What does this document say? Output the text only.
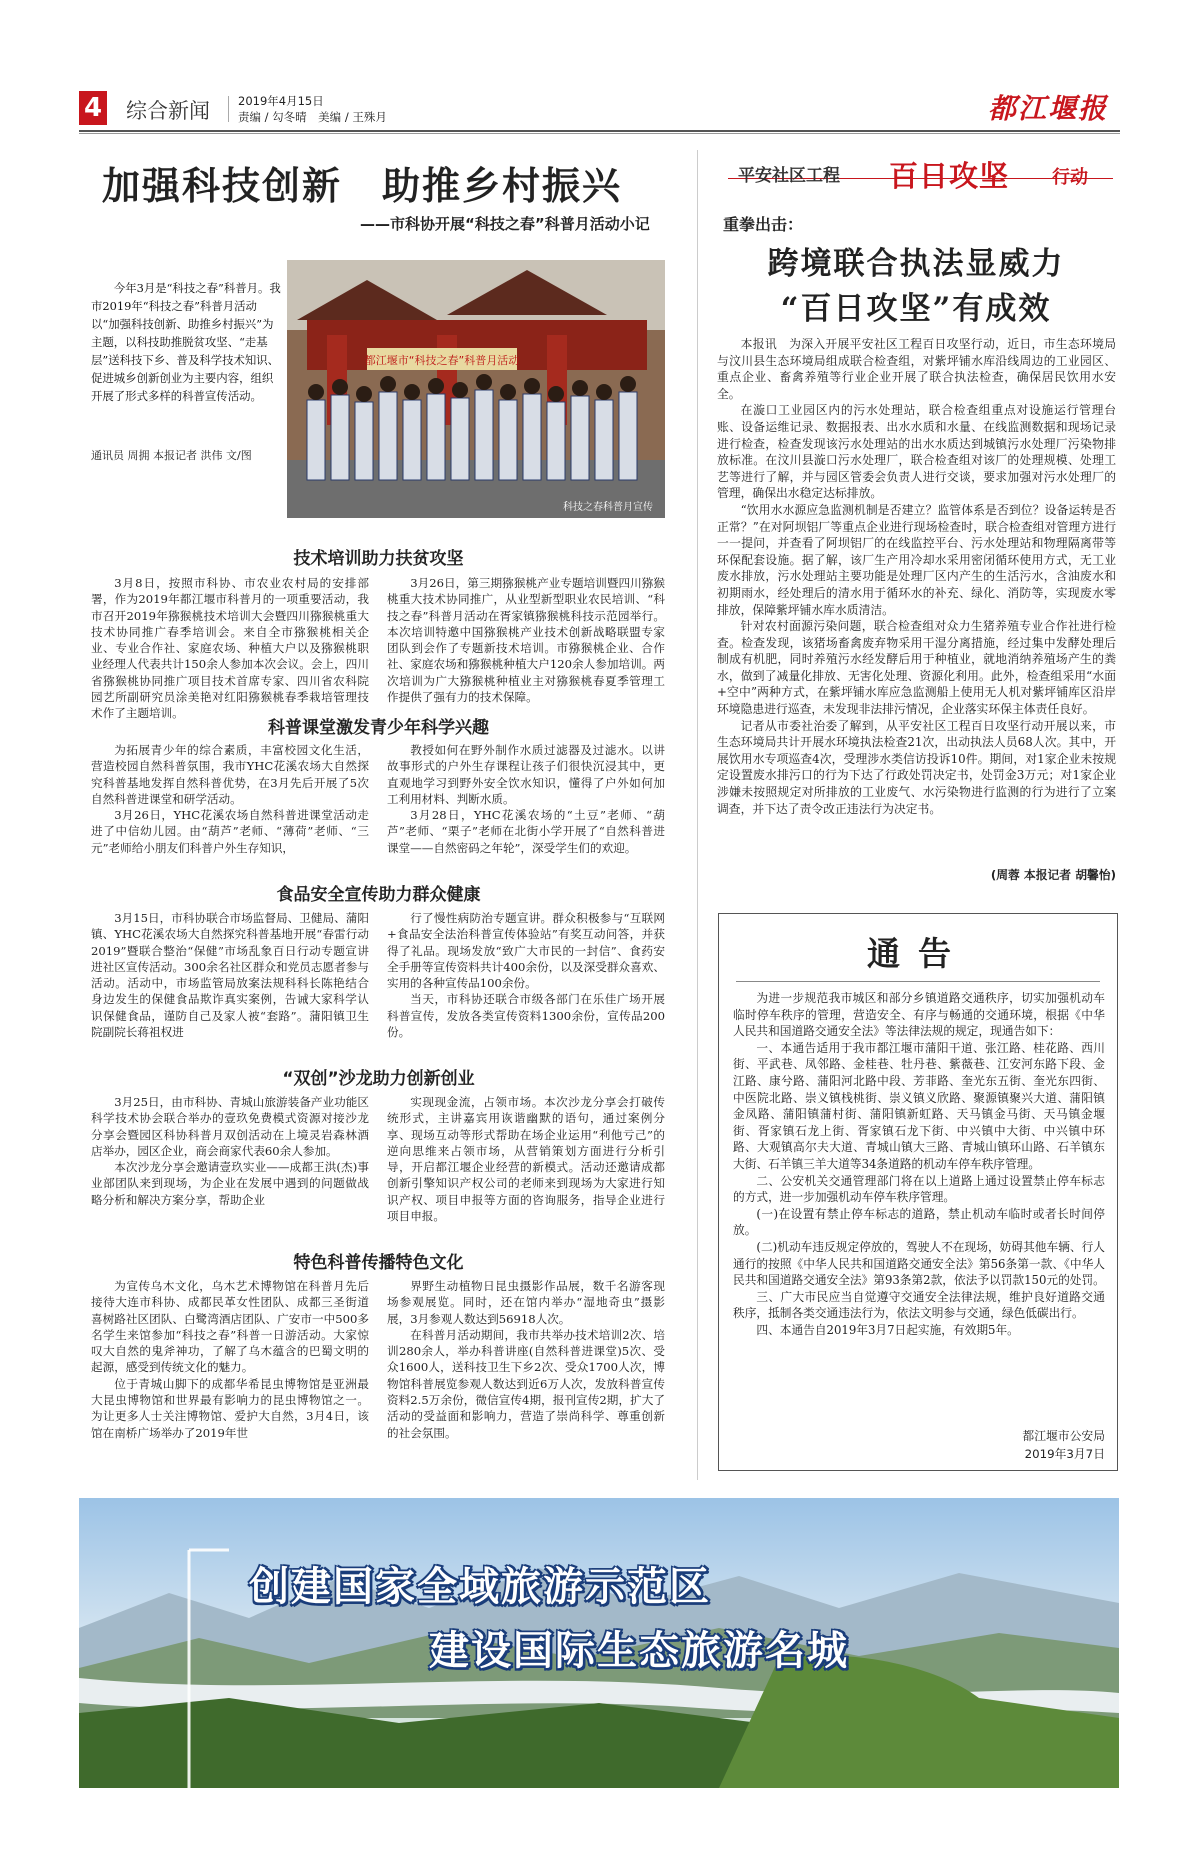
4 综合新闻 2019年4月15日
责编 / 勾冬晴　美编 / 王殊月	都江堰报
加强科技创新　助推乡村振兴
——市科协开展“科技之春”科普月活动小记
今年3月是“科技之春”科普月。我市2019年“科技之春”科普月活动以“加强科技创新、助推乡村振兴”为主题，以科技助推脱贫攻坚、“走基层”送科技下乡、普及科学技术知识、促进城乡创新创业为主要内容，组织开展了形式多样的科普宣传活动。
通讯员 周拥 本报记者 洪伟 文/图
都江堰市“科技之春”科普月活动
科技之春科普月宣传
技术培训助力扶贫攻坚

3月8日，按照市科协、市农业农村局的安排部署，作为2019年都江堰市科普月的一项重要活动，我市召开2019年猕猴桃技术培训大会暨四川猕猴桃重大技术协同推广春季培训会。来自全市猕猴桃相关企业、专业合作社、家庭农场、种植大户以及猕猴桃职业经理人代表共计150余人参加本次会议。会上，四川省猕猴桃协同推广项目技术首席专家、四川省农科院园艺所副研究员涂美艳对红阳猕猴桃春季栽培管理技术作了主题培训。

3月26日，第三期猕猴桃产业专题培训暨四川猕猴桃重大技术协同推广，从业型新型职业农民培训、“科技之春”科普月活动在胥家镇猕猴桃科技示范园举行。本次培训特邀中国猕猴桃产业技术创新战略联盟专家团队到会作了专题新技术培训。市猕猴桃企业、合作社、家庭农场和猕猴桃种植大户120余人参加培训。两次培训为广大猕猴桃种植业主对猕猴桃春夏季管理工作提供了强有力的技术保障。

科普课堂激发青少年科学兴趣

为拓展青少年的综合素质，丰富校园文化生活，营造校园自然科普氛围，我市YHC花溪农场大自然探究科普基地发挥自然科普优势，在3月先后开展了5次自然科普进课堂和研学活动。

3月26日，YHC花溪农场自然科普进课堂活动走进了中信幼儿园。由“葫芦”老师、“薄荷”老师、“三元”老师给小朋友们科普户外生存知识，

教授如何在野外制作水质过滤器及过滤水。以讲故事形式的户外生存课程让孩子们很快沉浸其中，更直观地学习到野外安全饮水知识，懂得了户外如何加工利用材料、判断水质。

3月28日，YHC花溪农场的“土豆”老师、“葫芦”老师、“栗子”老师在北街小学开展了“自然科普进课堂——自然密码之年轮”，深受学生们的欢迎。

食品安全宣传助力群众健康

3月15日，市科协联合市场监督局、卫健局、蒲阳镇、YHC花溪农场大自然探究科普基地开展“春雷行动2019”暨联合整治“保健”市场乱象百日行动专题宣讲进社区宣传活动。300余名社区群众和党员志愿者参与活动。活动中，市场监管局放案法规科科长陈艳结合身边发生的保健食品欺诈真实案例，告诫大家科学认识保健食品，谨防自己及家人被“套路”。蒲阳镇卫生院副院长蒋祖权进

行了慢性病防治专题宣讲。群众积极参与“互联网+食品安全法治科普宣传体验站”有奖互动问答，并获得了礼品。现场发放“致广大市民的一封信”、食药安全手册等宣传资料共计400余份，以及深受群众喜欢、实用的各种宣传品100余份。

当天，市科协还联合市级各部门在乐佳广场开展科普宣传，发放各类宣传资料1300余份，宣传品200份。

“双创”沙龙助力创新创业

3月25日，由市科协、青城山旅游装备产业功能区科学技术协会联合举办的壹玖免费模式资源对接沙龙分享会暨园区科协科普月双创活动在上境灵岩森林酒店举办，园区企业，商会商家代表60余人参加。

本次沙龙分享会邀请壹玖实业——成都王洪(杰)事业部团队来到现场，为企业在发展中遇到的问题做战略分析和解决方案分享，帮助企业

实现现金流，占领市场。本次沙龙分享会打破传统形式，主讲嘉宾用诙谐幽默的语句，通过案例分享、现场互动等形式帮助在场企业运用“利他亏己”的逆向思维来占领市场，从营销策划方面进行分析引导，开启都江堰企业经营的新模式。活动还邀请成都创新引擎知识产权公司的老师来到现场为大家进行知识产权、项目申报等方面的咨询服务，指导企业进行项目申报。

特色科普传播特色文化

为宣传乌木文化，乌木艺术博物馆在科普月先后接待大连市科协、成都民革女性团队、成都三圣街道喜树路社区团队、白鹭湾酒店团队、广安市一中500多名学生来馆参加“科技之春”科普一日游活动。大家惊叹大自然的鬼斧神功，了解了乌木蕴含的巴蜀文明的起源，感受到传统文化的魅力。

位于青城山脚下的成都华希昆虫博物馆是亚洲最大昆虫博物馆和世界最有影响力的昆虫博物馆之一。为让更多人士关注博物馆、爱护大自然，3月4日，该馆在南桥广场举办了2019年世

界野生动植物日昆虫摄影作品展，数千名游客现场参观展览。同时，还在馆内举办“湿地奇虫”摄影展，3月参观人数达到56918人次。

在科普月活动期间，我市共举办技术培训2次、培训280余人，举办科普讲座(自然科普进课堂)5次、受众1600人，送科技卫生下乡2次、受众1700人次，博物馆科普展览参观人数达到近6万人次，发放科普宣传资料2.5万余份，微信宣传4期，报刊宣传2期，扩大了活动的受益面和影响力，营造了崇尚科学、尊重创新的社会氛围。

平安社区工程 百日攻坚 行动
重拳出击：
跨境联合执法显威力
“百日攻坚”有成效

本报讯　为深入开展平安社区工程百日攻坚行动，近日，市生态环境局与汶川县生态环境局组成联合检查组，对紫坪铺水库沿线周边的工业园区、重点企业、畜禽养殖等行业企业开展了联合执法检查，确保居民饮用水安全。

在漩口工业园区内的污水处理站，联合检查组重点对设施运行管理台账、设备运维记录、数据报表、出水水质和水量、在线监测数据和现场记录进行检查，检查发现该污水处理站的出水水质达到城镇污水处理厂污染物排放标准。在汶川县漩口污水处理厂，联合检查组对该厂的处理规模、处理工艺等进行了解，并与园区管委会负责人进行交谈，要求加强对污水处理厂的管理，确保出水稳定达标排放。

“饮用水水源应急监测机制是否建立？监管体系是否到位？设备运转是否正常？”在对阿坝铝厂等重点企业进行现场检查时，联合检查组对管理方进行一一提问，并查看了阿坝铝厂的在线监控平台、污水处理站和物理隔离带等环保配套设施。据了解，该厂生产用冷却水采用密闭循环使用方式，无工业废水排放，污水处理站主要功能是处理厂区内产生的生活污水，含油废水和初期雨水，经处理后的清水用于循环水的补充、绿化、消防等，实现废水零排放，保障紫坪铺水库水质清洁。

针对农村面源污染问题，联合检查组对众力生猪养殖专业合作社进行检查。检查发现，该猪场畜禽废弃物采用干湿分离措施，经过集中发酵处理后制成有机肥，同时养殖污水经发酵后用于种植业，就地消纳养殖场产生的粪水，做到了减量化排放、无害化处理、资源化利用。此外，检查组采用“水面+空中”两种方式，在紫坪铺水库应急监测船上使用无人机对紫坪铺库区沿岸环境隐患进行巡查，未发现非法排污情况，企业落实环保主体责任良好。

记者从市委社治委了解到，从平安社区工程百日攻坚行动开展以来，市生态环境局共计开展水环境执法检查21次，出动执法人员68人次。其中，开展饮用水专项巡查4次，受理涉水类信访投诉10件。期间，对1家企业未按规定设置废水排污口的行为下达了行政处罚决定书，处罚金3万元；对1家企业涉嫌未按照规定对所排放的工业废气、水污染物进行监测的行为进行了立案调查，并下达了责令改正违法行为决定书。

(周蓉 本报记者 胡馨怡)
通告

为进一步规范我市城区和部分乡镇道路交通秩序，切实加强机动车临时停车秩序的管理，营造安全、有序与畅通的交通环境，根据《中华人民共和国道路交通安全法》等法律法规的规定，现通告如下：

一、本通告适用于我市都江堰市蒲阳干道、张江路、桂花路、西川街、平武巷、凤邻路、金桂巷、牡丹巷、紫薇巷、江安河东路下段、金江路、康兮路、蒲阳河北路中段、芳菲路、奎光东五街、奎光东四街、中医院北路、崇义镇栈桃街、崇义镇义欣路、聚源镇聚兴大道、蒲阳镇金凤路、蒲阳镇蒲村街、蒲阳镇新虹路、天马镇金马街、天马镇金堰街、胥家镇石龙上街、胥家镇石龙下街、中兴镇中大街、中兴镇中环路、大观镇高尔夫大道、青城山镇大三路、青城山镇环山路、石羊镇东大街、石羊镇三羊大道等34条道路的机动车停车秩序管理。

二、公安机关交通管理部门将在以上道路上通过设置禁止停车标志的方式，进一步加强机动车停车秩序管理。

(一)在设置有禁止停车标志的道路，禁止机动车临时或者长时间停放。

(二)机动车违反规定停放的，驾驶人不在现场，妨碍其他车辆、行人通行的按照《中华人民共和国道路交通安全法》第56条第一款、《中华人民共和国道路交通安全法》第93条第2款，依法予以罚款150元的处罚。

三、广大市民应当自觉遵守交通安全法律法规，维护良好道路交通秩序，抵制各类交通违法行为，依法文明参与交通，绿色低碳出行。

四、本通告自2019年3月7日起实施，有效期5年。

都江堰市公安局
2019年3月7日
创建国家全域旅游示范区
建设国际生态旅游名城
